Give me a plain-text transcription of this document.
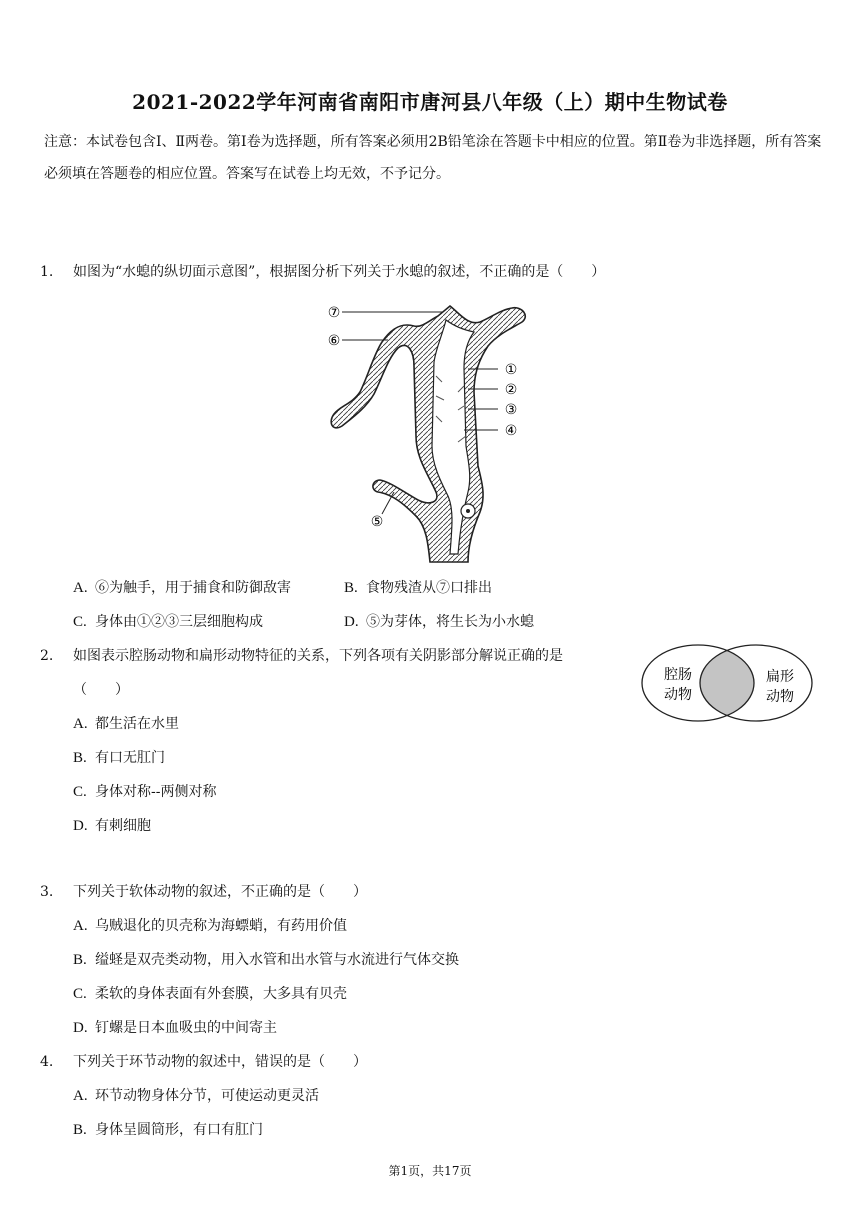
2021-2022学年河南省南阳市唐河县八年级（上）期中生物试卷
注意：本试卷包含Ⅰ、Ⅱ两卷。第Ⅰ卷为选择题，所有答案必须用2B铅笔涂在答题卡中相应的位置。第Ⅱ卷为非选择题，所有答案必须填在答题卷的相应位置。答案写在试卷上均无效，不予记分。
1. 如图为“水螅的纵切面示意图”，根据图分析下列关于水螅的叙述，不正确的是（　　）
⑦
⑥
①
②
③
④
⑤
A. ⑥为触手，用于捕食和防御敌害	B. 食物残渣从⑦口排出
C. 身体由①②③三层细胞构成	D. ⑤为芽体，将生长为小水螅
2. 如图表示腔肠动物和扁形动物特征的关系，下列各项有关阴影部分解说正确的是
（　　）
腔肠
动物
扁形
动物
A. 都生活在水里
B. 有口无肛门
C. 身体对称--两侧对称
D. 有刺细胞
3. 下列关于软体动物的叙述，不正确的是（　　）
A. 乌贼退化的贝壳称为海螵蛸，有药用价值
B. 缢蛏是双壳类动物，用入水管和出水管与水流进行气体交换
C. 柔软的身体表面有外套膜，大多具有贝壳
D. 钉螺是日本血吸虫的中间寄主
4. 下列关于环节动物的叙述中，错误的是（　　）
A. 环节动物身体分节，可使运动更灵活
B. 身体呈圆筒形，有口有肛门
第1页，共17页
